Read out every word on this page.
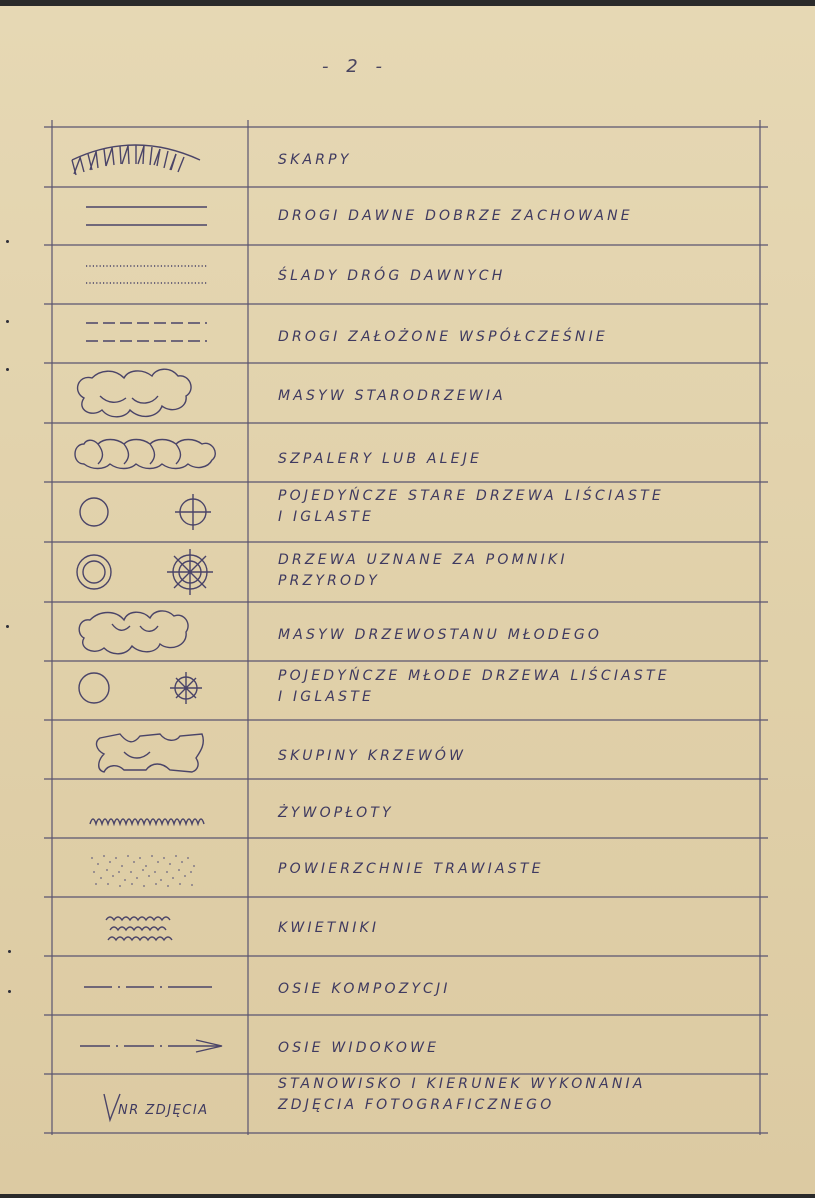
- 2 -
SKARPY
DROGI DAWNE DOBRZE ZACHOWANE
ŚLADY DRÓG DAWNYCH
DROGI ZAŁOŻONE WSPÓŁCZEŚNIE
MASYW STARODRZEWIA
SZPALERY LUB ALEJE
POJEDYŃCZE STARE DRZEWA LIŚCIASTE
I IGLASTE
DRZEWA UZNANE ZA POMNIKI
PRZYRODY
MASYW DRZEWOSTANU MŁODEGO
POJEDYŃCZE MŁODE DRZEWA LIŚCIASTE
I IGLASTE
SKUPINY KRZEWÓW
ŻYWOPŁOTY
POWIERZCHNIE TRAWIASTE
KWIETNIKI
OSIE KOMPOZYCJI
OSIE WIDOKOWE
STANOWISKO I KIERUNEK WYKONANIA
ZDJĘCIA FOTOGRAFICZNEGO
NR ZDJĘCIA
